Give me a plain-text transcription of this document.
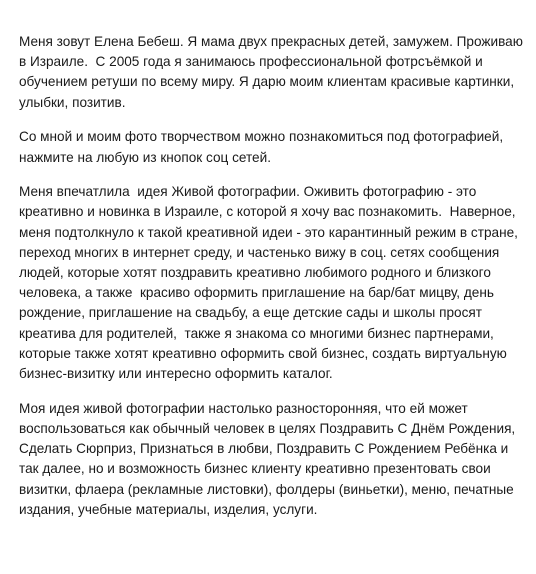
Меня зовут Елена Бебеш. Я мама двух прекрасных детей, замужем. Проживаю
в Израиле.  С 2005 года я занимаюсь профессиональной фотрсъёмкой и
обучением ретуши по всему миру. Я дарю моим клиентам красивые картинки,
улыбки, позитив.

Со мной и моим фото творчеством можно познакомиться под фотографией,
нажмите на любую из кнопок соц сетей.

Меня впечатлила  идея Живой фотографии. Оживить фотографию - это
креативно и новинка в Израиле, с которой я хочу вас познакомить.  Наверное,
меня подтолкнуло к такой креативной идеи - это карантинный режим в стране,
переход многих в интернет среду, и частенько вижу в соц. сетях сообщения
людей, которые хотят поздравить креативно любимого родного и близкого
человека, а также  красиво оформить приглашение на бар/бат мицву, день
рождение, приглашение на свадьбу, а еще детские сады и школы просят
креатива для родителей,  также я знакома со многими бизнес партнерами,
которые также хотят креативно оформить свой бизнес, создать виртуальную
бизнес-визитку или интересно оформить каталог.

Моя идея живой фотографии настолько разносторонняя, что ей может
воспользоваться как обычный человек в целях Поздравить С Днём Рождения,
Сделать Сюрприз, Признаться в любви, Поздравить С Рождением Ребёнка и
так далее, но и возможность бизнес клиенту креативно презентовать свои
визитки, флаера (рекламные листовки), фолдеры (виньетки), меню, печатные
издания, учебные материалы, изделия, услуги.
